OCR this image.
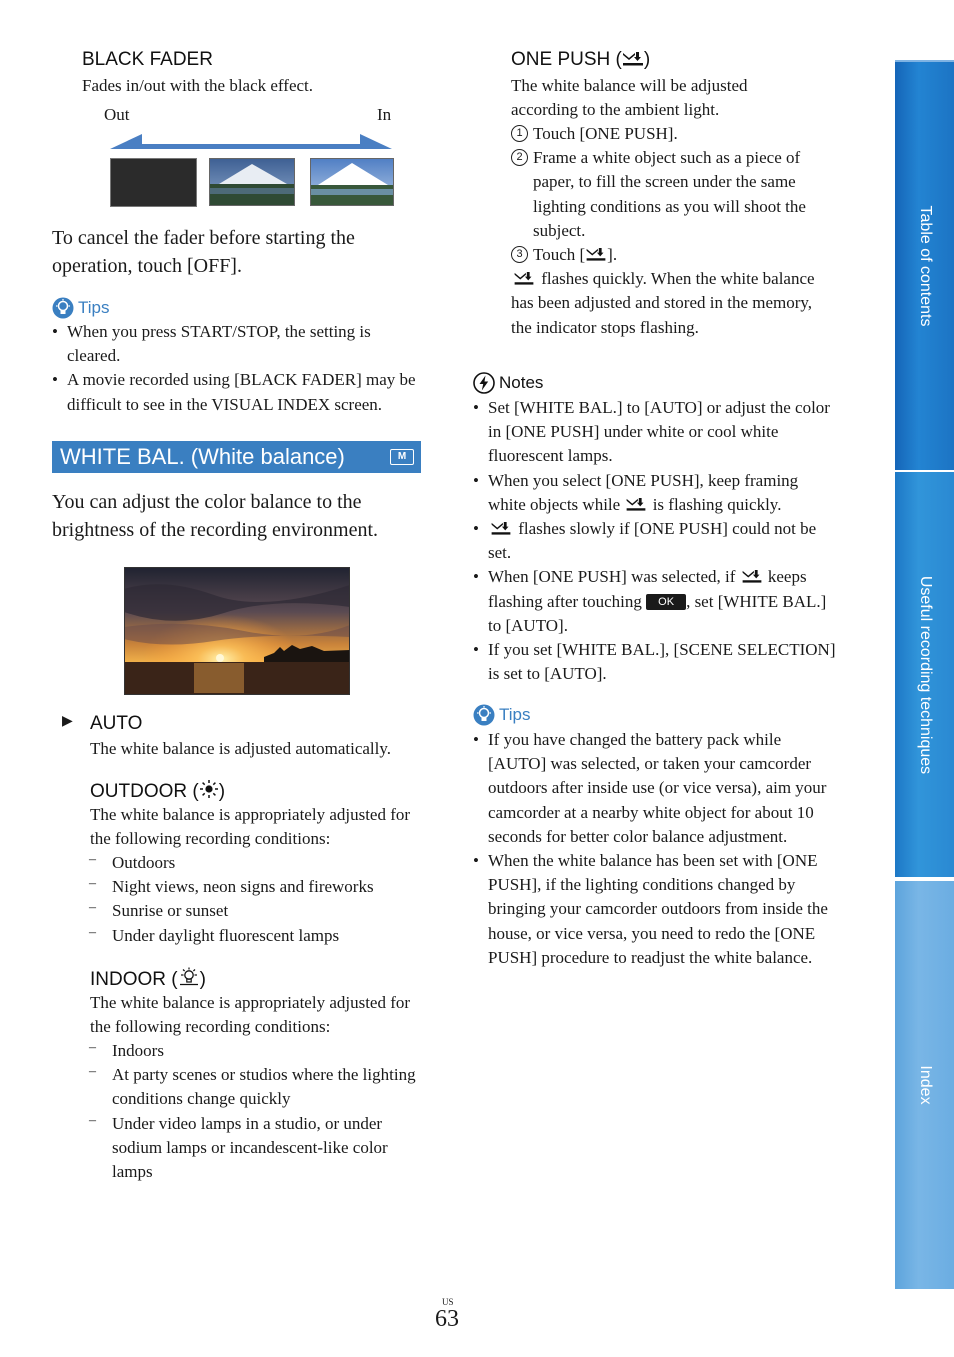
BLACK FADER
Fades in/out with the black effect.
Out	In
To cancel the fader before starting the operation, touch [OFF].
Tips
• When you press START/STOP, the setting is cleared.
• A movie recorded using [BLACK FADER] may be difficult to see in the VISUAL INDEX screen.
WHITE BAL. (White balance)	M
You can adjust the color balance to the brightness of the recording environment.
▶ AUTO
The white balance is adjusted automatically.
OUTDOOR ( )
The white balance is appropriately adjusted for the following recording conditions:
– Outdoors
– Night views, neon signs and fireworks
– Sunrise or sunset
– Under daylight fluorescent lamps
INDOOR ( )
The white balance is appropriately adjusted for the following recording conditions:
– Indoors
– At party scenes or studios where the lighting conditions change quickly
– Under video lamps in a studio, or under sodium lamps or incandescent-like color lamps
ONE PUSH ( )
The white balance will be adjusted according to the ambient light.
1 Touch [ONE PUSH].
2 Frame a white object such as a piece of paper, to fill the screen under the same lighting conditions as you will shoot the subject.
3 Touch [ ].
flashes quickly. When the white balance has been adjusted and stored in the memory, the indicator stops flashing.
Notes
• Set [WHITE BAL.] to [AUTO] or adjust the color in [ONE PUSH] under white or cool white fluorescent lamps.
• When you select [ONE PUSH], keep framing white objects while is flashing quickly.
• flashes slowly if [ONE PUSH] could not be set.
• When [ONE PUSH] was selected, if keeps flashing after touching OK , set [WHITE BAL.] to [AUTO].
• If you set [WHITE BAL.], [SCENE SELECTION] is set to [AUTO].
Tips
• If you have changed the battery pack while [AUTO] was selected, or taken your camcorder outdoors after inside use (or vice versa), aim your camcorder at a nearby white object for about 10 seconds for better color balance adjustment.
• When the white balance has been set with [ONE PUSH], if the lighting conditions changed by bringing your camcorder outdoors from inside the house, or vice versa, you need to redo the [ONE PUSH] procedure to readjust the white balance.
Table of contents
Useful recording techniques
Index
US
63
